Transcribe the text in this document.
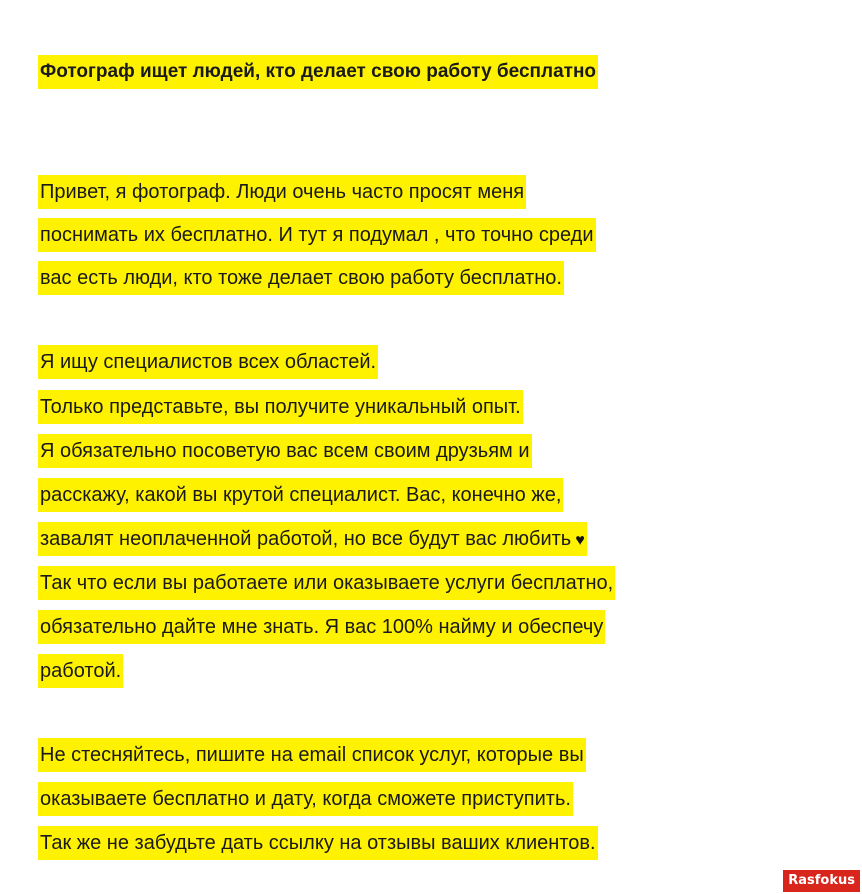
Фотограф ищет людей, кто делает свою работу бесплатно
Привет, я фотограф. Люди очень часто просят меня
поснимать их бесплатно. И тут я подумал , что точно среди
вас есть люди, кто тоже делает свою работу бесплатно.
Я ищу специалистов всех областей.
Только представьте, вы получите уникальный опыт.
Я обязательно посоветую вас всем своим друзьям и
расскажу, какой вы крутой специалист. Вас, конечно же,
завалят неоплаченной работой, но все будут вас любить ♥
Так что если вы работаете или оказываете услуги бесплатно,
обязательно дайте мне знать. Я вас 100% найму и обеспечу
работой.
Не стесняйтесь, пишите на email список услуг, которые вы
оказываете бесплатно и дату, когда сможете приступить.
Так же не забудьте дать ссылку на отзывы ваших клиентов.
Rasfokus
